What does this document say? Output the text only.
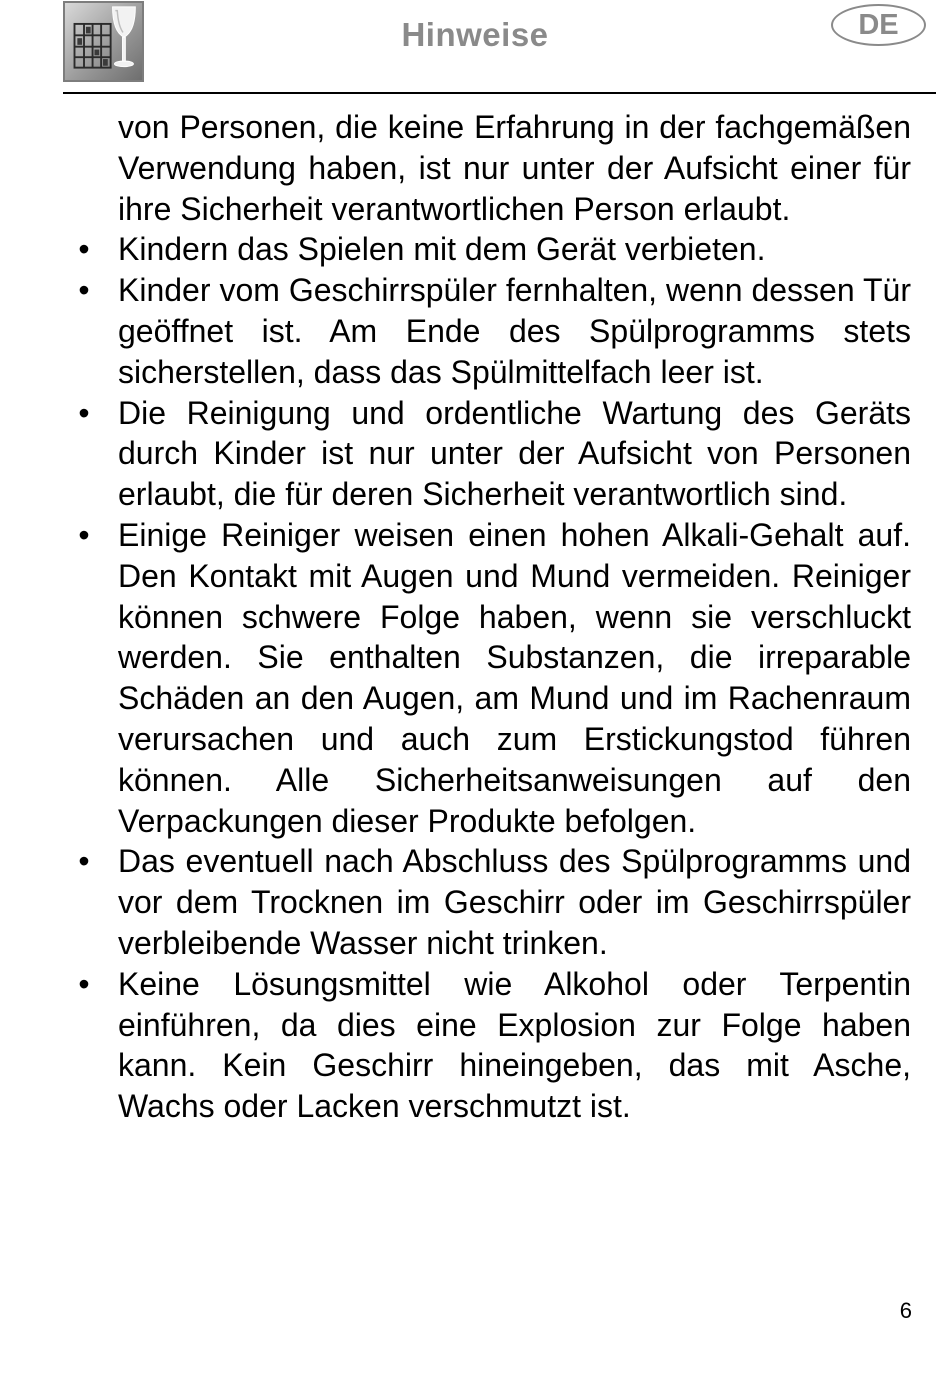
Hinweise	DE

von Personen, die keine Erfahrung in der fachgemäßen Verwendung haben, ist nur unter der Aufsicht einer für ihre Sicherheit verantwortlichen Person erlaubt.

• Kindern das Spielen mit dem Gerät verbieten.
• Kinder vom Geschirrspüler fernhalten, wenn dessen Tür geöffnet ist. Am Ende des Spülprogramms stets sicherstellen, dass das Spülmittelfach leer ist.
• Die Reinigung und ordentliche Wartung des Geräts durch Kinder ist nur unter der Aufsicht von Personen erlaubt, die für deren Sicherheit verantwortlich sind.
• Einige Reiniger weisen einen hohen Alkali-Gehalt auf. Den Kontakt mit Augen und Mund vermeiden. Reiniger können schwere Folge haben, wenn sie verschluckt werden. Sie enthalten Substanzen, die irreparable Schäden an den Augen, am Mund und im Rachenraum verursachen und auch zum Erstickungstod führen können. Alle Sicherheitsanweisungen auf den Verpackungen dieser Produkte befolgen.
• Das eventuell nach Abschluss des Spülprogramms und vor dem Trocknen im Geschirr oder im Geschirrspüler verbleibende Wasser nicht trinken.
• Keine Lösungsmittel wie Alkohol oder Terpentin einführen, da dies eine Explosion zur Folge haben kann. Kein Geschirr hineingeben, das mit Asche, Wachs oder Lacken verschmutzt ist.
6
